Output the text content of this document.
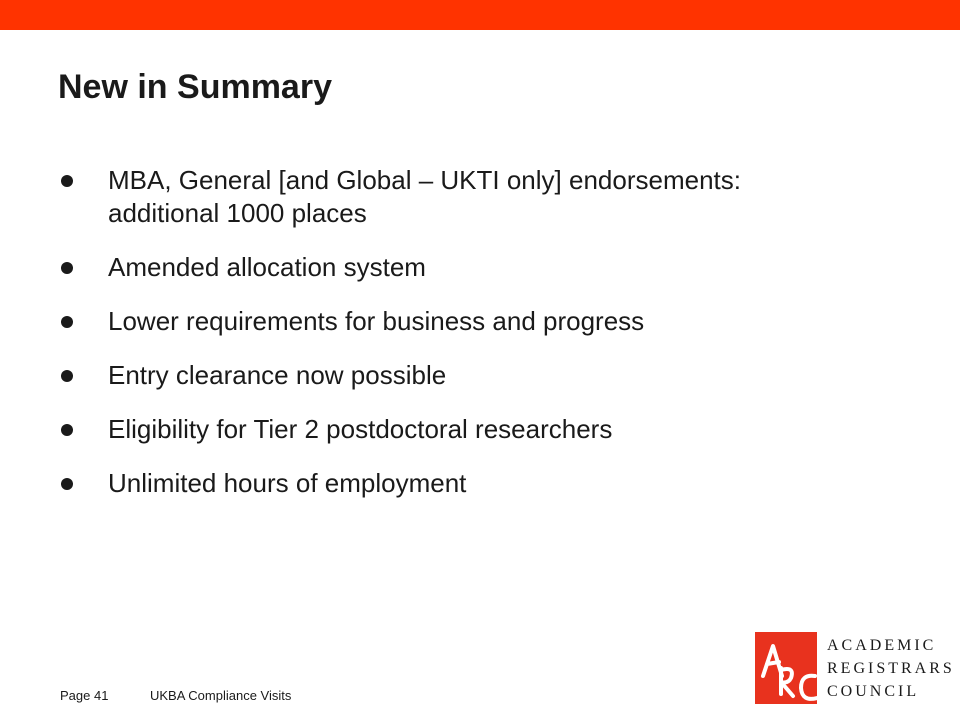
New in Summary
MBA, General [and Global – UKTI only] endorsements: additional 1000 places
Amended allocation system
Lower requirements for business and progress
Entry clearance now possible
Eligibility for Tier 2 postdoctoral researchers
Unlimited hours of employment
Page 41	UKBA Compliance Visits
ACADEMIC
REGISTRARS
COUNCIL
